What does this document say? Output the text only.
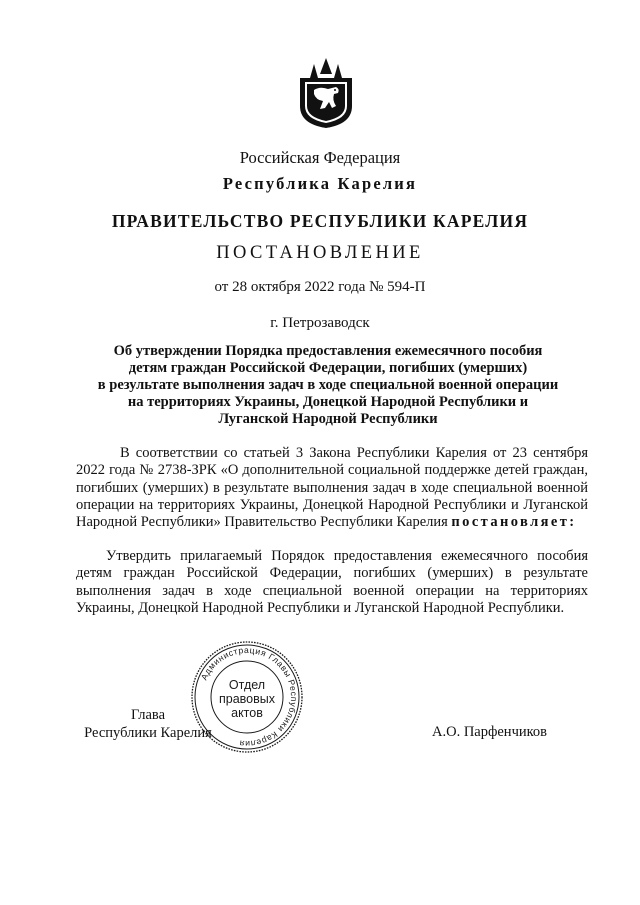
Российская Федерация
Республика Карелия
ПРАВИТЕЛЬСТВО РЕСПУБЛИКИ КАРЕЛИЯ
ПОСТАНОВЛЕНИЕ
от 28 октября 2022 года № 594-П
г. Петрозаводск
Об утверждении Порядка предоставления ежемесячного пособия
детям граждан Российской Федерации, погибших (умерших)
в результате выполнения задач в ходе специальной военной операции
на территориях Украины, Донецкой Народной Республики и
Луганской Народной Республики
В соответствии со статьей 3 Закона Республики Карелия от 23 сентября 2022 года № 2738-ЗРК «О дополнительной социальной поддержке детей граждан, погибших (умерших) в результате выполнения задач в ходе специальной военной операции на территориях Украины, Донецкой Народной Республики и Луганской Народной Республики» Правительство Республики Карелия постановляет:
Утвердить прилагаемый Порядок предоставления ежемесячного пособия детям граждан Российской Федерации, погибших (умерших) в результате выполнения задач в ходе специальной военной операции на территориях Украины, Донецкой Народной Республики и Луганской Народной Республики.
Администрация Главы Республики Карелия
Отдел
правовых
актов
Глава
Республики Карелия	А.О. Парфенчиков
